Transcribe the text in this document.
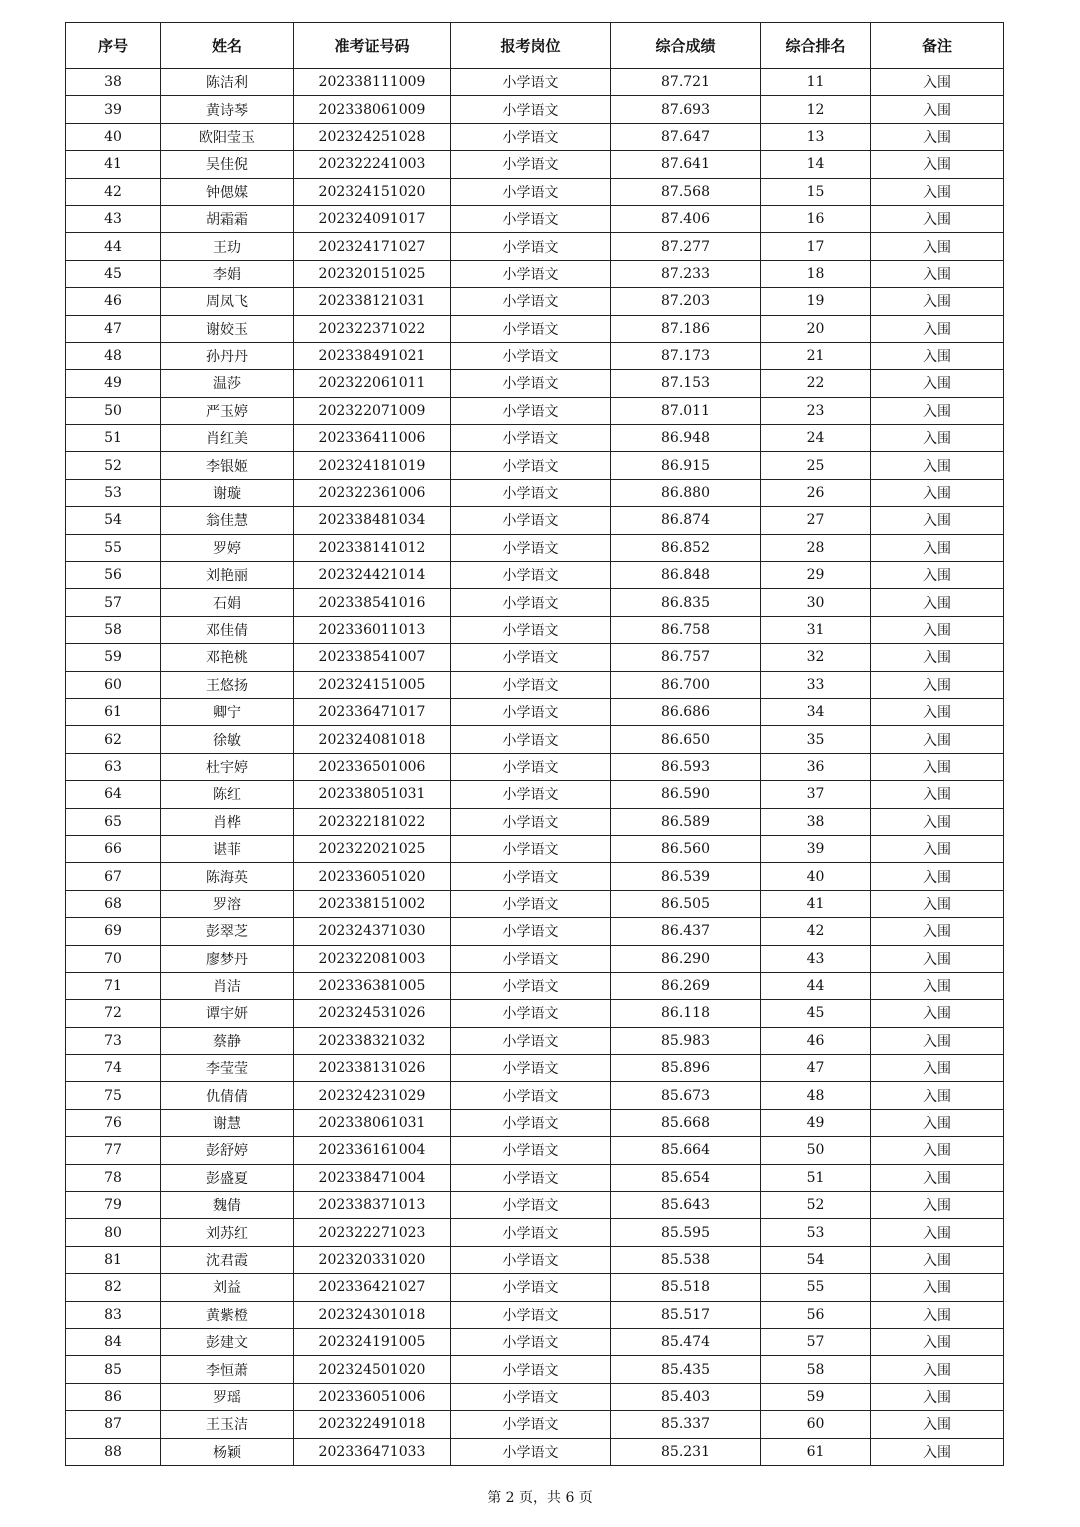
序号	姓名	准考证号码	报考岗位	综合成绩	综合排名	备注
38	陈洁利	202338111009	小学语文	87.721	11	入围
39	黄诗琴	202338061009	小学语文	87.693	12	入围
40	欧阳莹玉	202324251028	小学语文	87.647	13	入围
41	吴佳倪	202322241003	小学语文	87.641	14	入围
42	钟偲媒	202324151020	小学语文	87.568	15	入围
43	胡霜霜	202324091017	小学语文	87.406	16	入围
44	王玏	202324171027	小学语文	87.277	17	入围
45	李娟	202320151025	小学语文	87.233	18	入围
46	周凤飞	202338121031	小学语文	87.203	19	入围
47	谢姣玉	202322371022	小学语文	87.186	20	入围
48	孙丹丹	202338491021	小学语文	87.173	21	入围
49	温莎	202322061011	小学语文	87.153	22	入围
50	严玉婷	202322071009	小学语文	87.011	23	入围
51	肖红美	202336411006	小学语文	86.948	24	入围
52	李银姬	202324181019	小学语文	86.915	25	入围
53	谢璇	202322361006	小学语文	86.880	26	入围
54	翁佳慧	202338481034	小学语文	86.874	27	入围
55	罗婷	202338141012	小学语文	86.852	28	入围
56	刘艳丽	202324421014	小学语文	86.848	29	入围
57	石娟	202338541016	小学语文	86.835	30	入围
58	邓佳倩	202336011013	小学语文	86.758	31	入围
59	邓艳桃	202338541007	小学语文	86.757	32	入围
60	王悠扬	202324151005	小学语文	86.700	33	入围
61	卿宁	202336471017	小学语文	86.686	34	入围
62	徐敏	202324081018	小学语文	86.650	35	入围
63	杜宇婷	202336501006	小学语文	86.593	36	入围
64	陈红	202338051031	小学语文	86.590	37	入围
65	肖桦	202322181022	小学语文	86.589	38	入围
66	谌菲	202322021025	小学语文	86.560	39	入围
67	陈海英	202336051020	小学语文	86.539	40	入围
68	罗溶	202338151002	小学语文	86.505	41	入围
69	彭翠芝	202324371030	小学语文	86.437	42	入围
70	廖梦丹	202322081003	小学语文	86.290	43	入围
71	肖洁	202336381005	小学语文	86.269	44	入围
72	谭宇妍	202324531026	小学语文	86.118	45	入围
73	蔡静	202338321032	小学语文	85.983	46	入围
74	李莹莹	202338131026	小学语文	85.896	47	入围
75	仇倩倩	202324231029	小学语文	85.673	48	入围
76	谢慧	202338061031	小学语文	85.668	49	入围
77	彭舒婷	202336161004	小学语文	85.664	50	入围
78	彭盛夏	202338471004	小学语文	85.654	51	入围
79	魏倩	202338371013	小学语文	85.643	52	入围
80	刘苏红	202322271023	小学语文	85.595	53	入围
81	沈君霞	202320331020	小学语文	85.538	54	入围
82	刘益	202336421027	小学语文	85.518	55	入围
83	黄紫橙	202324301018	小学语文	85.517	56	入围
84	彭建文	202324191005	小学语文	85.474	57	入围
85	李恒萧	202324501020	小学语文	85.435	58	入围
86	罗瑶	202336051006	小学语文	85.403	59	入围
87	王玉洁	202322491018	小学语文	85.337	60	入围
88	杨颖	202336471033	小学语文	85.231	61	入围
第 2 页，共 6 页
